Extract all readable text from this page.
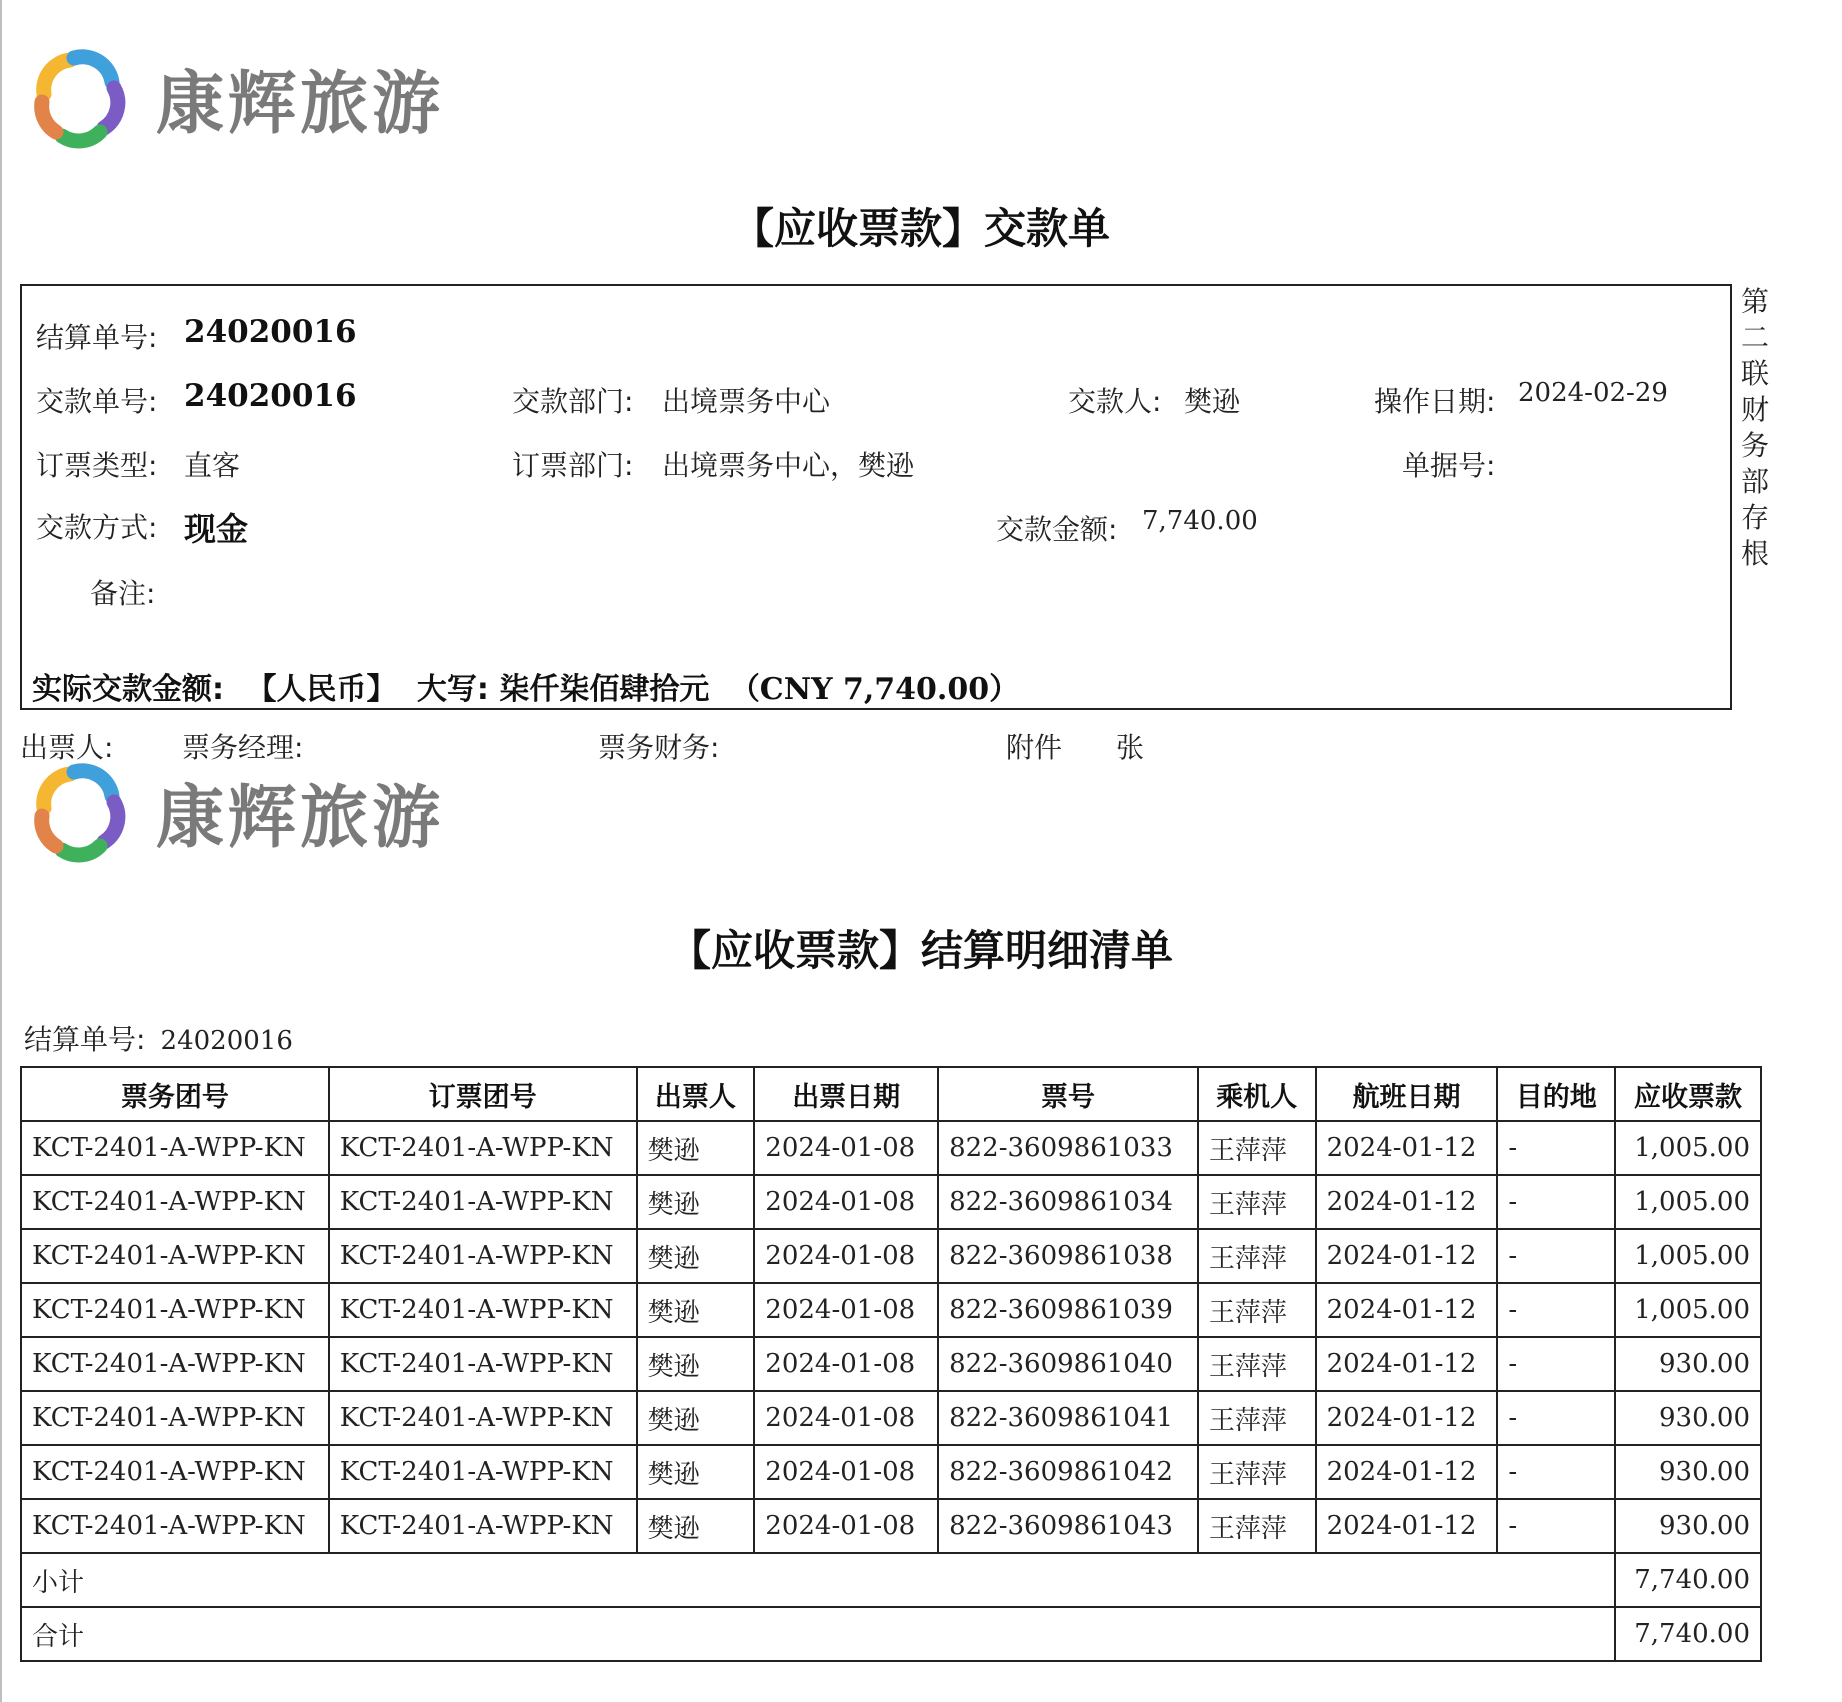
康辉旅游
【应收票款】交款单
结算单号: 24020016
交款单号: 24020016	交款部门: 出境票务中心	交款人: 樊逊	操作日期: 2024-02-29
订票类型: 直客	订票部门: 出境票务中心，樊逊	单据号:
交款方式: 现金	交款金额: 7,740.00
备注:
实际交款金额: 【人民币】 大写: 柒仟柒佰肆拾元 （CNY 7,740.00）
第二联财务部存根
出票人: 票务经理:	票务财务:	附件 张
康辉旅游
【应收票款】结算明细清单
结算单号: 24020016
票务团号	订票团号	出票人	出票日期	票号	乘机人	航班日期	目的地	应收票款
KCT-2401-A-WPP-KN	KCT-2401-A-WPP-KN	樊逊	2024-01-08	822-3609861033	王萍萍	2024-01-12	-	1,005.00
KCT-2401-A-WPP-KN	KCT-2401-A-WPP-KN	樊逊	2024-01-08	822-3609861034	王萍萍	2024-01-12	-	1,005.00
KCT-2401-A-WPP-KN	KCT-2401-A-WPP-KN	樊逊	2024-01-08	822-3609861038	王萍萍	2024-01-12	-	1,005.00
KCT-2401-A-WPP-KN	KCT-2401-A-WPP-KN	樊逊	2024-01-08	822-3609861039	王萍萍	2024-01-12	-	1,005.00
KCT-2401-A-WPP-KN	KCT-2401-A-WPP-KN	樊逊	2024-01-08	822-3609861040	王萍萍	2024-01-12	-	930.00
KCT-2401-A-WPP-KN	KCT-2401-A-WPP-KN	樊逊	2024-01-08	822-3609861041	王萍萍	2024-01-12	-	930.00
KCT-2401-A-WPP-KN	KCT-2401-A-WPP-KN	樊逊	2024-01-08	822-3609861042	王萍萍	2024-01-12	-	930.00
KCT-2401-A-WPP-KN	KCT-2401-A-WPP-KN	樊逊	2024-01-08	822-3609861043	王萍萍	2024-01-12	-	930.00
小计								7,740.00
合计								7,740.00
